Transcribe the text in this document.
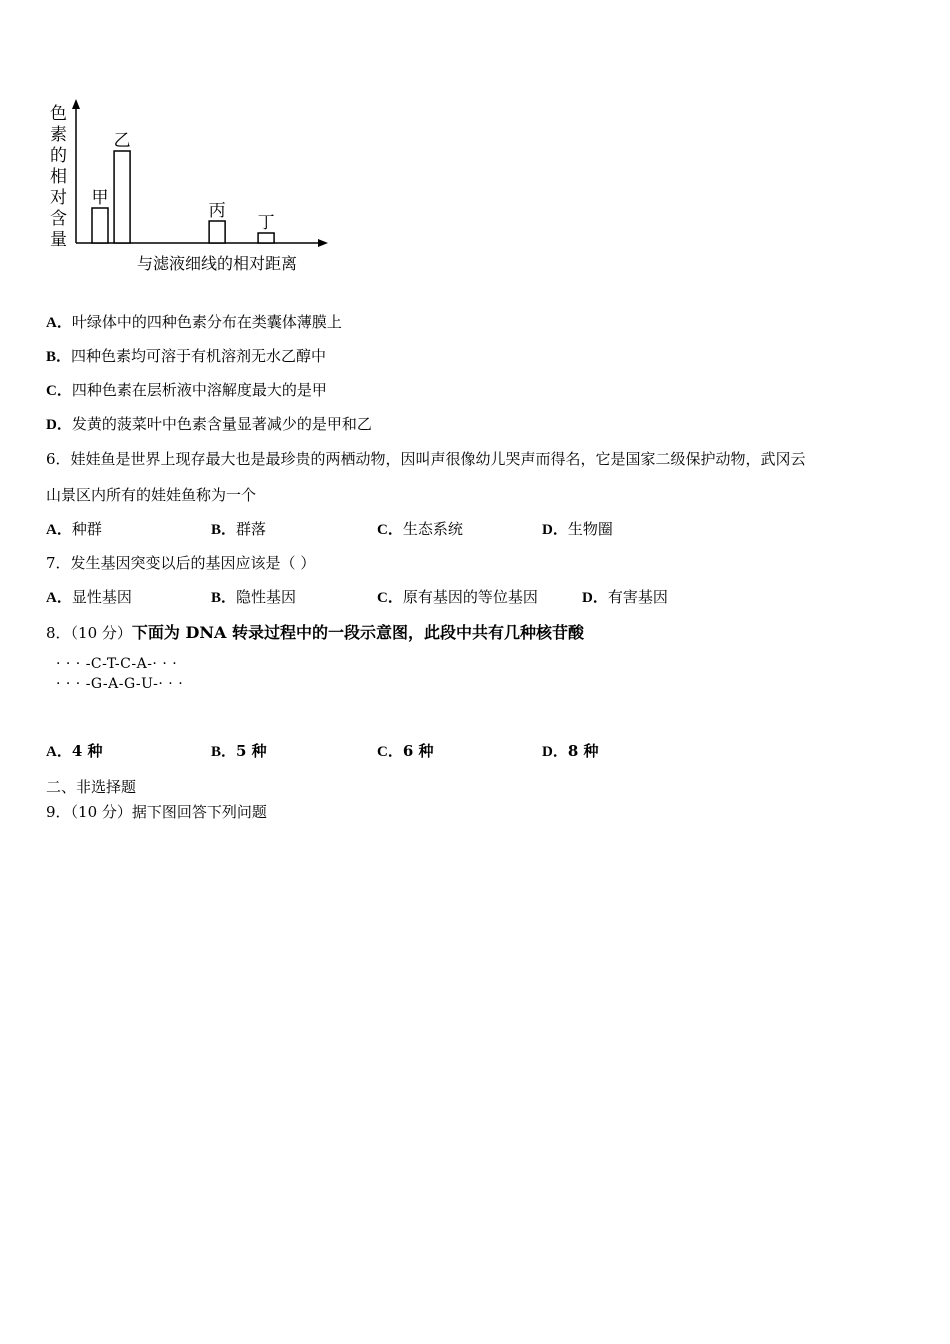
色
素
的
相
对
含
量
与滤液细线的相对距离
甲
乙
丙
丁
A．叶绿体中的四种色素分布在类囊体薄膜上
B．四种色素均可溶于有机溶剂无水乙醇中
C．四种色素在层析液中溶解度最大的是甲
D．发黄的菠菜叶中色素含量显著减少的是甲和乙
6．娃娃鱼是世界上现存最大也是最珍贵的两栖动物，因叫声很像幼儿哭声而得名，它是国家二级保护动物，武冈云
山景区内所有的娃娃鱼称为一个
A．种群	B．群落	C．生态系统	D．生物圈
7．发生基因突变以后的基因应该是（ ）
A．显性基因	B．隐性基因	C．原有基因的等位基因	D．有害基因
8．（10 分）下面为 DNA 转录过程中的一段示意图，此段中共有几种核苷酸
· · · -C-T-C-A-· · ·
· · · -G-A-G-U-· · ·
A．4 种	B．5 种	C．6 种	D．8 种
二、非选择题
9．（10 分）据下图回答下列问题
